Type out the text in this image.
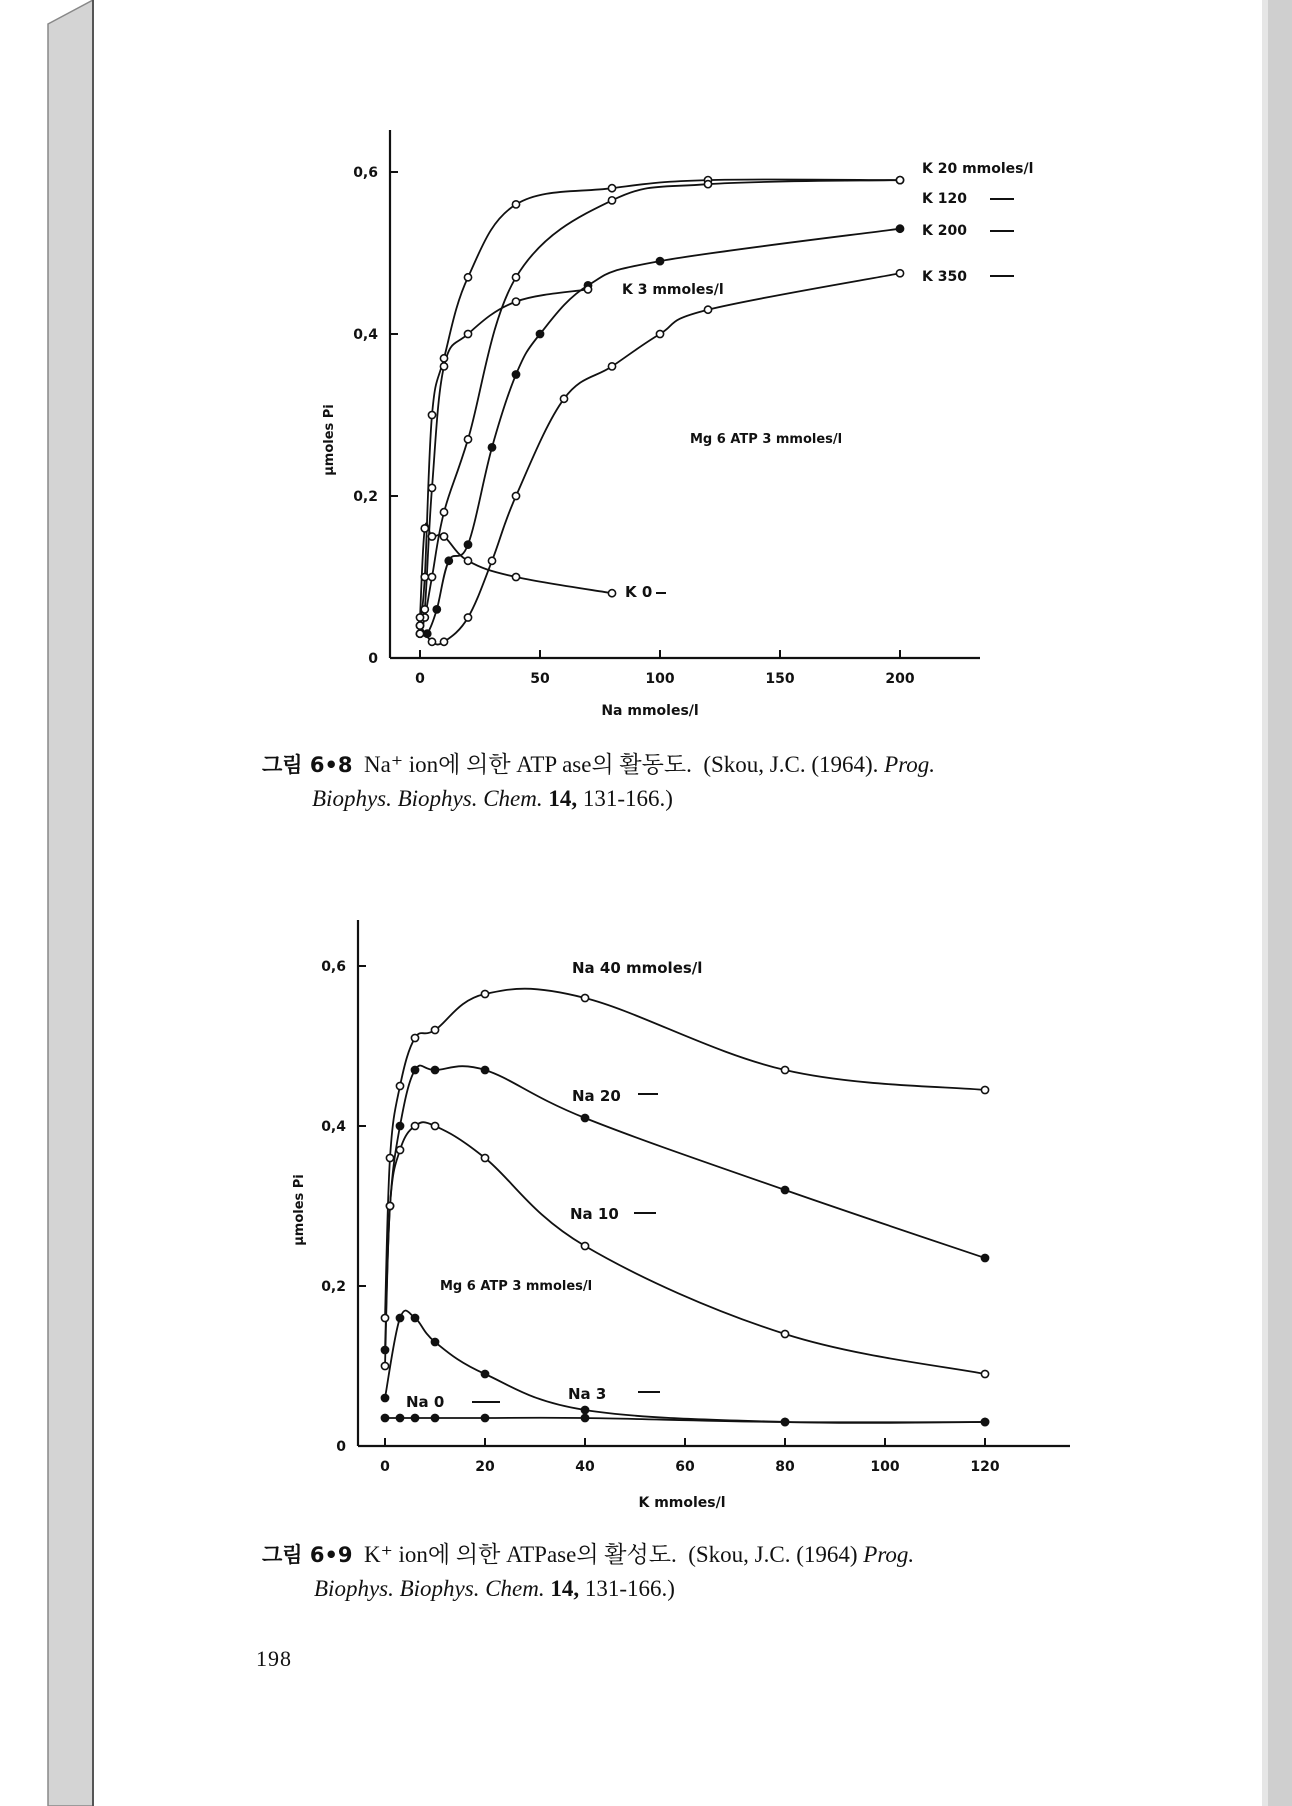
0
0,2
0,4
0,6
0	50	100	150	200
Na mmoles/l
µmoles Pi	Mg 6 ATP 3 mmoles/l
K 20 mmoles/l
K 120
K 200
K 350
K 3 mmoles/l
K 0
0
0,2
0,4
0,6
0	20	40	60	80	100	120
K mmoles/l
µmoles Pi
Mg 6 ATP 3 mmoles/l
Na 40 mmoles/l
Na 20
Na 10
Na 3
Na 0
그림 6•8 Na⁺ ion에 의한 ATP ase의 활동도. (Skou, J.C. (1964). Prog.
Biophys. Biophys. Chem. 14, 131-166.)
그림 6•9 K⁺ ion에 의한 ATPase의 활성도. (Skou, J.C. (1964) Prog.
Biophys. Biophys. Chem. 14, 131-166.)
198
